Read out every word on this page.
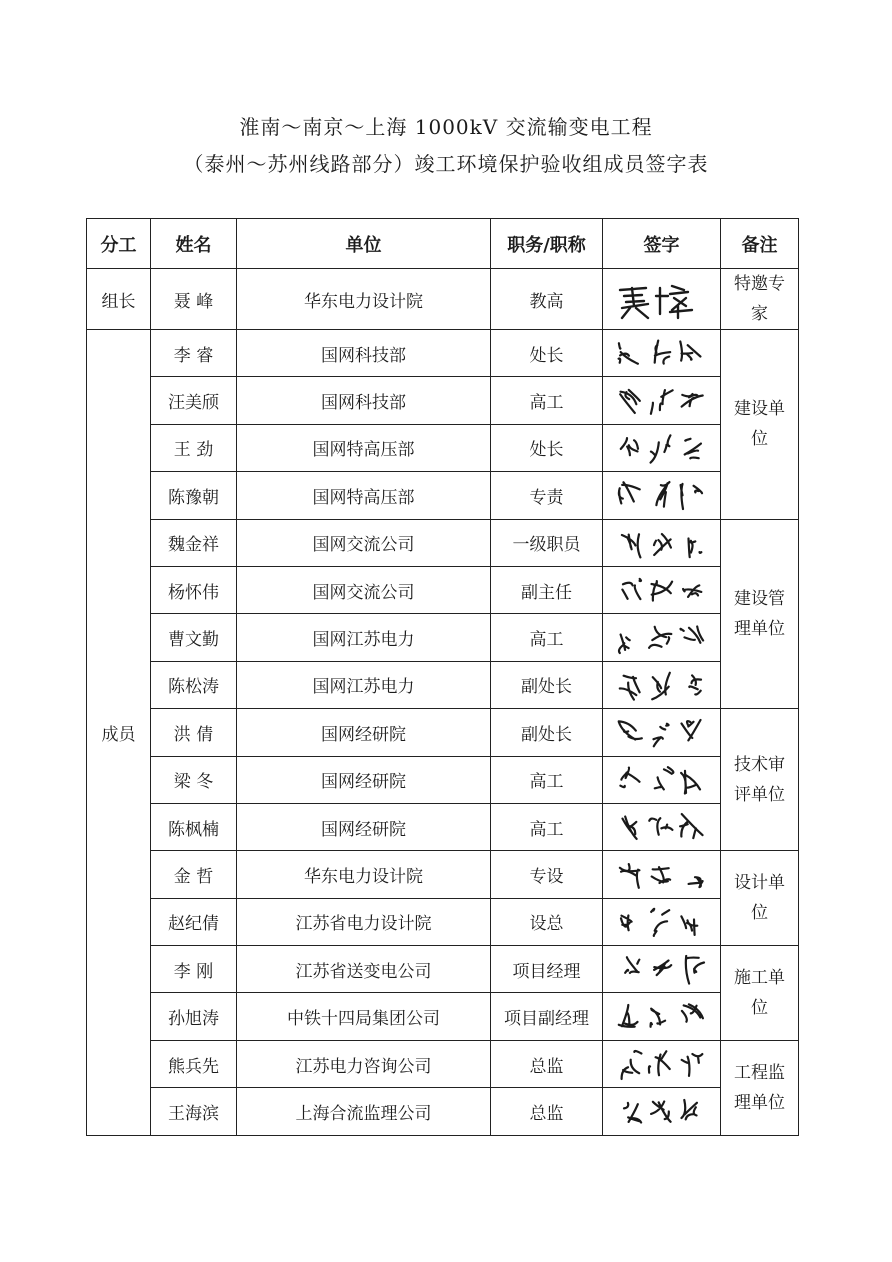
淮南～南京～上海 1000kV 交流输变电工程
（泰州～苏州线路部分）竣工环境保护验收组成员签字表
分工	姓名	单位	职务/职称	签字	备注
组长	聂 峰	华东电力设计院	教高		特邀专家
成员	李 睿	国网科技部	处长		建设单位
	汪美颀	国网科技部	高工	

	王 劲	国网特高压部	处长	

	陈豫朝	国网特高压部	专责	

	魏金祥	国网交流公司	一级职员		建设管理单位
	杨怀伟	国网交流公司	副主任	

	曹文勤	国网江苏电力	高工	

	陈松涛	国网江苏电力	副处长	

	洪 倩	国网经研院	副处长		技术审评单位
	梁 冬	国网经研院	高工	

	陈枫楠	国网经研院	高工	

	金 哲	华东电力设计院	专设		设计单位
	赵纪倩	江苏省电力设计院	设总	

	李 刚	江苏省送变电公司	项目经理		施工单位
	孙旭涛	中铁十四局集团公司	项目副经理	

	熊兵先	江苏电力咨询公司	总监		工程监理单位
	王海滨	上海合流监理公司	总监	
